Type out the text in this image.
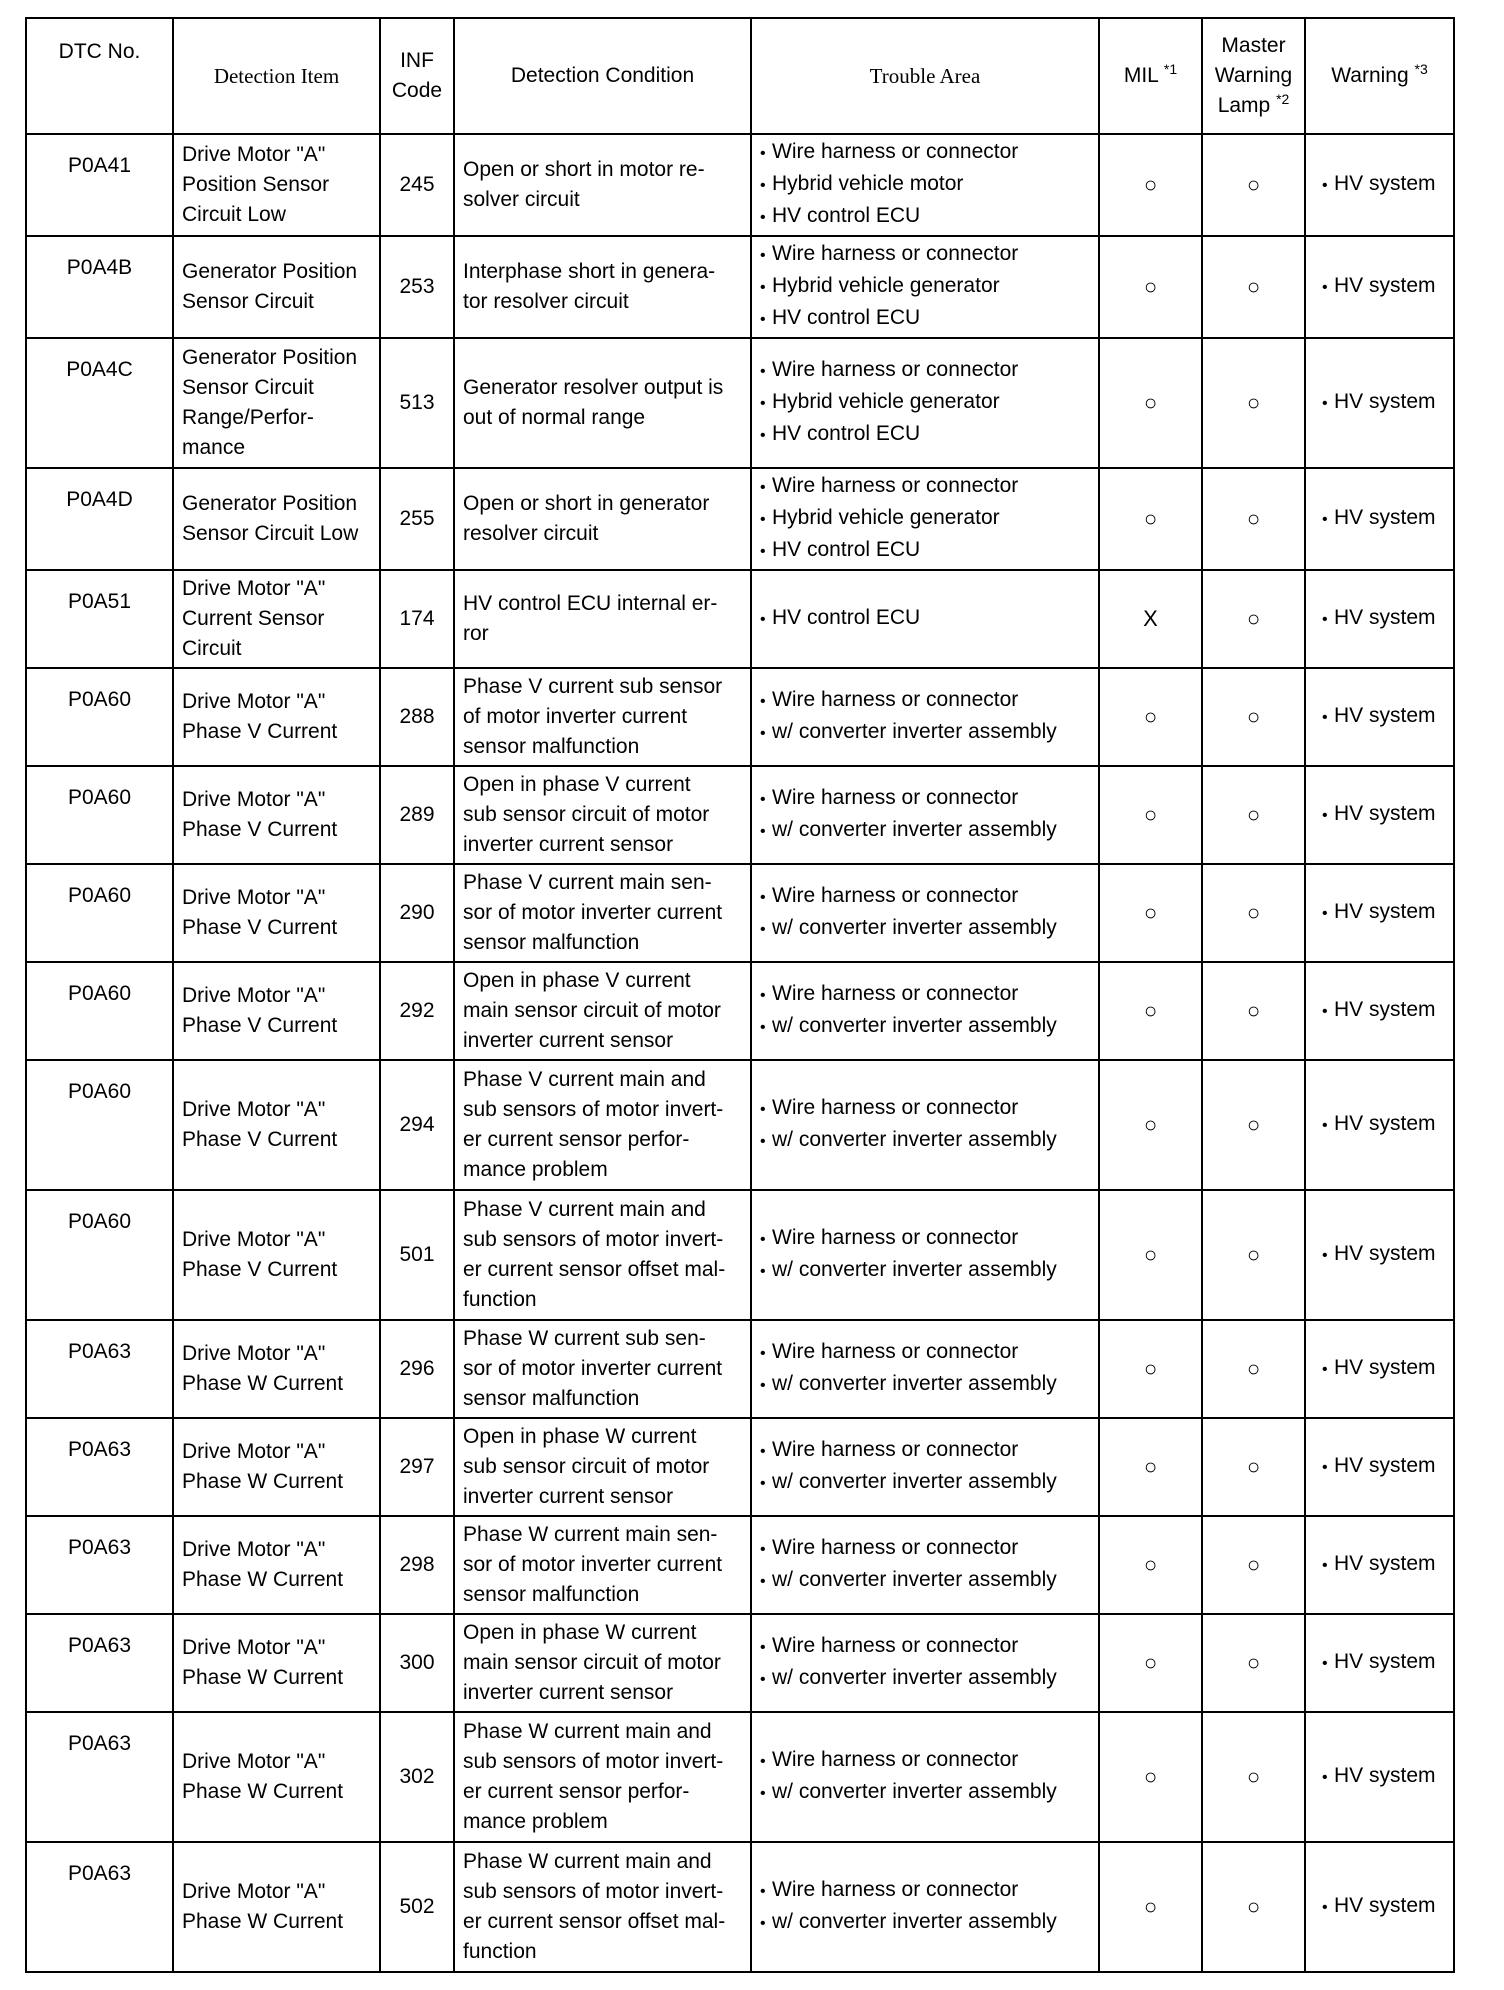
DTC No.	Detection Item	INF
Code	Detection Condition	Trouble Area	MIL $^{*1}$	Master
Warning
Lamp $^{*2}$	Warning $^{*3}$
P0A41	Drive Motor "A"
Position Sensor
Circuit Low	245	Open or short in motor re-
solver circuit	• Wire harness or connector
• Hybrid vehicle motor
• HV control ECU	○	○	• HV system
P0A4B	Generator Position
Sensor Circuit	253	Interphase short in genera-
tor resolver circuit	• Wire harness or connector
• Hybrid vehicle generator
• HV control ECU	○	○	• HV system
P0A4C	Generator Position
Sensor Circuit
Range/Perfor-
mance	513	Generator resolver output is
out of normal range	• Wire harness or connector
• Hybrid vehicle generator
• HV control ECU	○	○	• HV system
P0A4D	Generator Position
Sensor Circuit Low	255	Open or short in generator
resolver circuit	• Wire harness or connector
• Hybrid vehicle generator
• HV control ECU	○	○	• HV system
P0A51	Drive Motor "A"
Current Sensor
Circuit	174	HV control ECU internal er-
ror	• HV control ECU	X	○	• HV system
P0A60	Drive Motor "A"
Phase V Current	288	Phase V current sub sensor
of motor inverter current
sensor malfunction	• Wire harness or connector
• w/ converter inverter assembly	○	○	• HV system
P0A60	Drive Motor "A"
Phase V Current	289	Open in phase V current
sub sensor circuit of motor
inverter current sensor	• Wire harness or connector
• w/ converter inverter assembly	○	○	• HV system
P0A60	Drive Motor "A"
Phase V Current	290	Phase V current main sen-
sor of motor inverter current
sensor malfunction	• Wire harness or connector
• w/ converter inverter assembly	○	○	• HV system
P0A60	Drive Motor "A"
Phase V Current	292	Open in phase V current
main sensor circuit of motor
inverter current sensor	• Wire harness or connector
• w/ converter inverter assembly	○	○	• HV system
P0A60	Drive Motor "A"
Phase V Current	294	Phase V current main and
sub sensors of motor invert-
er current sensor perfor-
mance problem	• Wire harness or connector
• w/ converter inverter assembly	○	○	• HV system
P0A60	Drive Motor "A"
Phase V Current	501	Phase V current main and
sub sensors of motor invert-
er current sensor offset mal-
function	• Wire harness or connector
• w/ converter inverter assembly	○	○	• HV system
P0A63	Drive Motor "A"
Phase W Current	296	Phase W current sub sen-
sor of motor inverter current
sensor malfunction	• Wire harness or connector
• w/ converter inverter assembly	○	○	• HV system
P0A63	Drive Motor "A"
Phase W Current	297	Open in phase W current
sub sensor circuit of motor
inverter current sensor	• Wire harness or connector
• w/ converter inverter assembly	○	○	• HV system
P0A63	Drive Motor "A"
Phase W Current	298	Phase W current main sen-
sor of motor inverter current
sensor malfunction	• Wire harness or connector
• w/ converter inverter assembly	○	○	• HV system
P0A63	Drive Motor "A"
Phase W Current	300	Open in phase W current
main sensor circuit of motor
inverter current sensor	• Wire harness or connector
• w/ converter inverter assembly	○	○	• HV system
P0A63	Drive Motor "A"
Phase W Current	302	Phase W current main and
sub sensors of motor invert-
er current sensor perfor-
mance problem	• Wire harness or connector
• w/ converter inverter assembly	○	○	• HV system
P0A63	Drive Motor "A"
Phase W Current	502	Phase W current main and
sub sensors of motor invert-
er current sensor offset mal-
function	• Wire harness or connector
• w/ converter inverter assembly	○	○	• HV system
